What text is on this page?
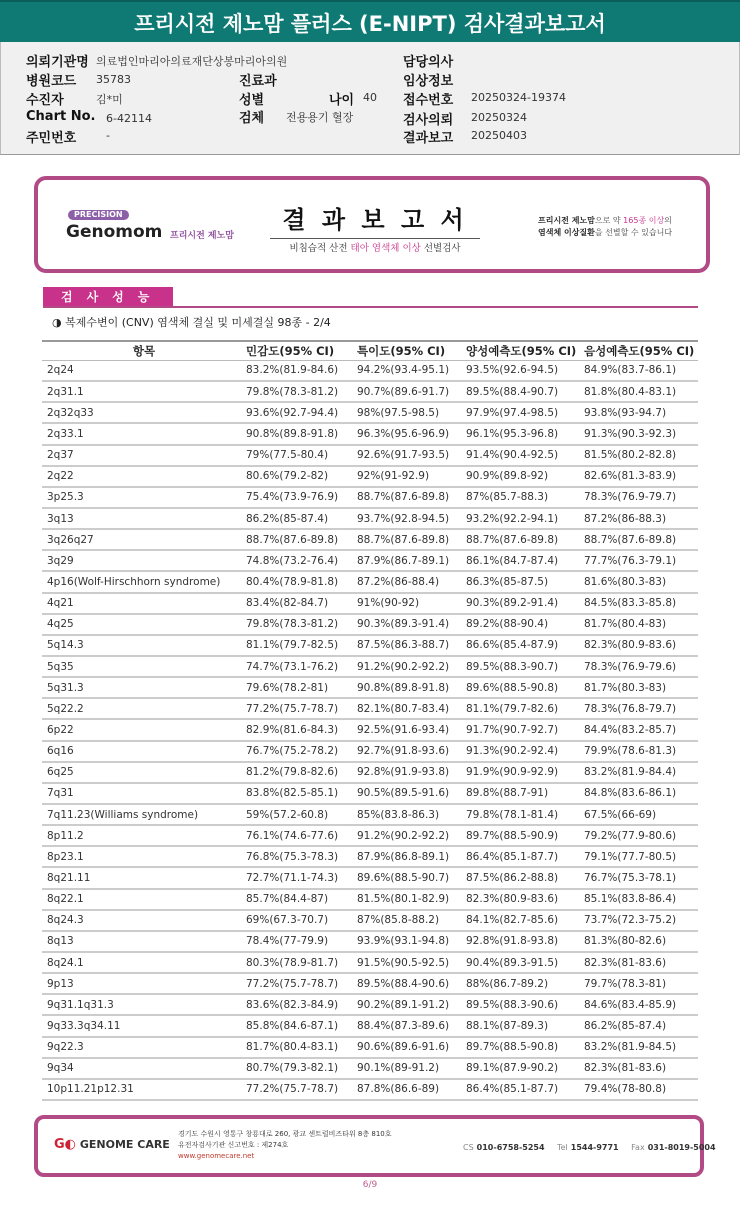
프리시전 제노맘 플러스 (E-NIPT) 검사결과보고서
의뢰기관명 의료법인마리아의료재단상봉마리아의원	담당의사
병원코드 35783	진료과	임상정보
수진자	김*미	성별	나이 40 접수번호 20250324-19374
Chart No. 6-42114	검체 전용용기 혈장	검사의뢰 20250324
주민번호	-	결과보고 20250403
PRECISION
Genomom 프리시전 제노맘
결 과 보 고 서
비침습적 산전 태아 염색체 이상 선별검사
프리시전 제노맘으로 약 165종 이상의
염색체 이상질환을 선별할 수 있습니다
검사성능
◑ 복제수변이 (CNV) 염색체 결실 및 미세결실 98종 - 2/4
항목	민감도(95% CI)	특이도(95% CI)	양성예측도(95% CI)	음성예측도(95% CI)
2q24	83.2%(81.9-84.6)	94.2%(93.4-95.1)	93.5%(92.6-94.5)	84.9%(83.7-86.1)
2q31.1	79.8%(78.3-81.2)	90.7%(89.6-91.7)	89.5%(88.4-90.7)	81.8%(80.4-83.1)
2q32q33	93.6%(92.7-94.4)	98%(97.5-98.5)	97.9%(97.4-98.5)	93.8%(93-94.7)
2q33.1	90.8%(89.8-91.8)	96.3%(95.6-96.9)	96.1%(95.3-96.8)	91.3%(90.3-92.3)
2q37	79%(77.5-80.4)	92.6%(91.7-93.5)	91.4%(90.4-92.5)	81.5%(80.2-82.8)
2q22	80.6%(79.2-82)	92%(91-92.9)	90.9%(89.8-92)	82.6%(81.3-83.9)
3p25.3	75.4%(73.9-76.9)	88.7%(87.6-89.8)	87%(85.7-88.3)	78.3%(76.9-79.7)
3q13	86.2%(85-87.4)	93.7%(92.8-94.5)	93.2%(92.2-94.1)	87.2%(86-88.3)
3q26q27	88.7%(87.6-89.8)	88.7%(87.6-89.8)	88.7%(87.6-89.8)	88.7%(87.6-89.8)
3q29	74.8%(73.2-76.4)	87.9%(86.7-89.1)	86.1%(84.7-87.4)	77.7%(76.3-79.1)
4p16(Wolf-Hirschhorn syndrome)	80.4%(78.9-81.8)	87.2%(86-88.4)	86.3%(85-87.5)	81.6%(80.3-83)
4q21	83.4%(82-84.7)	91%(90-92)	90.3%(89.2-91.4)	84.5%(83.3-85.8)
4q25	79.8%(78.3-81.2)	90.3%(89.3-91.4)	89.2%(88-90.4)	81.7%(80.4-83)
5q14.3	81.1%(79.7-82.5)	87.5%(86.3-88.7)	86.6%(85.4-87.9)	82.3%(80.9-83.6)
5q35	74.7%(73.1-76.2)	91.2%(90.2-92.2)	89.5%(88.3-90.7)	78.3%(76.9-79.6)
5q31.3	79.6%(78.2-81)	90.8%(89.8-91.8)	89.6%(88.5-90.8)	81.7%(80.3-83)
5q22.2	77.2%(75.7-78.7)	82.1%(80.7-83.4)	81.1%(79.7-82.6)	78.3%(76.8-79.7)
6p22	82.9%(81.6-84.3)	92.5%(91.6-93.4)	91.7%(90.7-92.7)	84.4%(83.2-85.7)
6q16	76.7%(75.2-78.2)	92.7%(91.8-93.6)	91.3%(90.2-92.4)	79.9%(78.6-81.3)
6q25	81.2%(79.8-82.6)	92.8%(91.9-93.8)	91.9%(90.9-92.9)	83.2%(81.9-84.4)
7q31	83.8%(82.5-85.1)	90.5%(89.5-91.6)	89.8%(88.7-91)	84.8%(83.6-86.1)
7q11.23(Williams syndrome)	59%(57.2-60.8)	85%(83.8-86.3)	79.8%(78.1-81.4)	67.5%(66-69)
8p11.2	76.1%(74.6-77.6)	91.2%(90.2-92.2)	89.7%(88.5-90.9)	79.2%(77.9-80.6)
8p23.1	76.8%(75.3-78.3)	87.9%(86.8-89.1)	86.4%(85.1-87.7)	79.1%(77.7-80.5)
8q21.11	72.7%(71.1-74.3)	89.6%(88.5-90.7)	87.5%(86.2-88.8)	76.7%(75.3-78.1)
8q22.1	85.7%(84.4-87)	81.5%(80.1-82.9)	82.3%(80.9-83.6)	85.1%(83.8-86.4)
8q24.3	69%(67.3-70.7)	87%(85.8-88.2)	84.1%(82.7-85.6)	73.7%(72.3-75.2)
8q13	78.4%(77-79.9)	93.9%(93.1-94.8)	92.8%(91.8-93.8)	81.3%(80-82.6)
8q24.1	80.3%(78.9-81.7)	91.5%(90.5-92.5)	90.4%(89.3-91.5)	82.3%(81-83.6)
9p13	77.2%(75.7-78.7)	89.5%(88.4-90.6)	88%(86.7-89.2)	79.7%(78.3-81)
9q31.1q31.3	83.6%(82.3-84.9)	90.2%(89.1-91.2)	89.5%(88.3-90.6)	84.6%(83.4-85.9)
9q33.3q34.11	85.8%(84.6-87.1)	88.4%(87.3-89.6)	88.1%(87-89.3)	86.2%(85-87.4)
9q22.3	81.7%(80.4-83.1)	90.6%(89.6-91.6)	89.7%(88.5-90.8)	83.2%(81.9-84.5)
9q34	80.7%(79.3-82.1)	90.1%(89-91.2)	89.1%(87.9-90.2)	82.3%(81-83.6)
10p11.21p12.31	77.2%(75.7-78.7)	87.8%(86.6-89)	86.4%(85.1-87.7)	79.4%(78-80.8)
G◐ GENOME CARE
경기도 수원시 영통구 창룡대로 260, 광교 센트럴비즈타워 8층 810호
유전자검사기관 신고번호 : 제274호
www.genomecare.net
CS 010-6758-5254 Tel 1544-9771 Fax 031-8019-5004
6/9
